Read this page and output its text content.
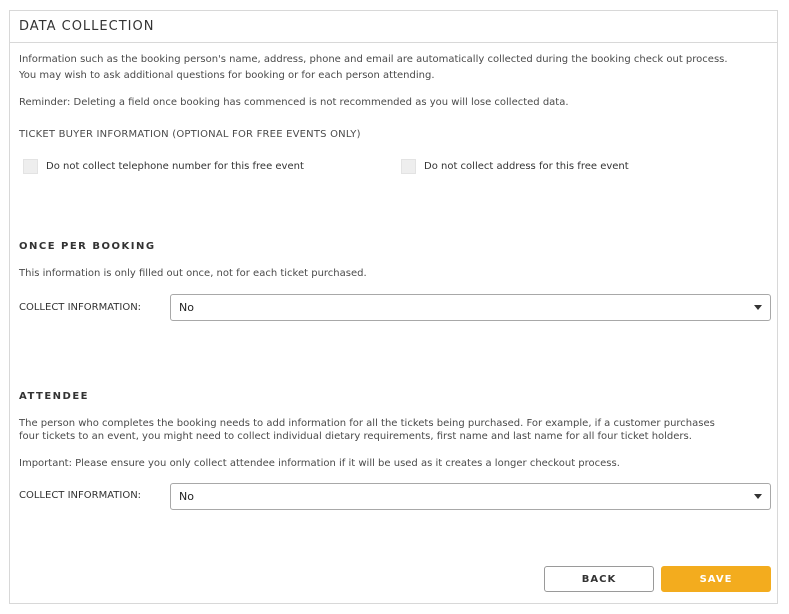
DATA COLLECTION
Information such as the booking person's name, address, phone and email are automatically collected during the booking check out process.
You may wish to ask additional questions for booking or for each person attending.
Reminder: Deleting a field once booking has commenced is not recommended as you will lose collected data.
TICKET BUYER INFORMATION (OPTIONAL FOR FREE EVENTS ONLY)
Do not collect telephone number for this free event	Do not collect address for this free event
ONCE PER BOOKING
This information is only filled out once, not for each ticket purchased.
COLLECT INFORMATION:	No
ATTENDEE
The person who completes the booking needs to add information for all the tickets being purchased. For example, if a customer purchases
four tickets to an event, you might need to collect individual dietary requirements, first name and last name for all four ticket holders.
Important: Please ensure you only collect attendee information if it will be used as it creates a longer checkout process.
COLLECT INFORMATION:	No
BACK	SAVE
